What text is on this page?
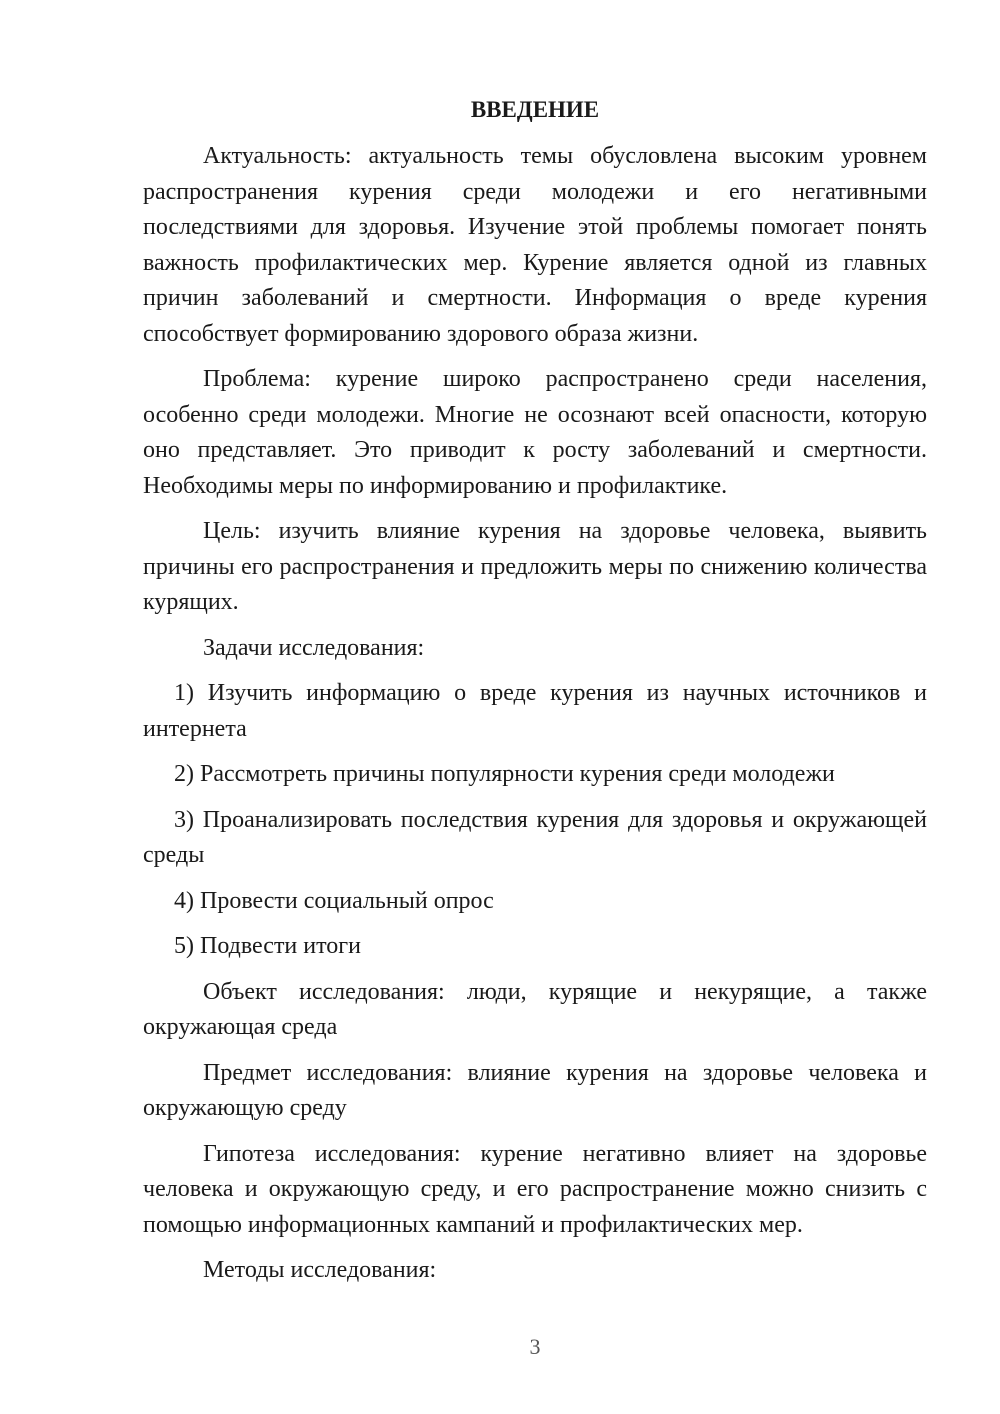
ВВЕДЕНИЕ

Актуальность: актуальность темы обусловлена высоким уровнем распространения курения среди молодежи и его негативными последствиями для здоровья. Изучение этой проблемы помогает понять важность профилактических мер. Курение является одной из главных причин заболеваний и смертности. Информация о вреде курения способствует формированию здорового образа жизни.

Проблема: курение широко распространено среди населения, особенно среди молодежи. Многие не осознают всей опасности, которую оно представляет. Это приводит к росту заболеваний и смертности. Необходимы меры по информированию и профилактике.

Цель: изучить влияние курения на здоровье человека, выявить причины его распространения и предложить меры по снижению количества курящих.

Задачи исследования:

1) Изучить информацию о вреде курения из научных источников и интернета

2) Рассмотреть причины популярности курения среди молодежи

3) Проанализировать последствия курения для здоровья и окружающей среды

4) Провести социальный опрос

5) Подвести итоги

Объект исследования: люди, курящие и некурящие, а также окружающая среда

Предмет исследования: влияние курения на здоровье человека и окружающую среду

Гипотеза исследования: курение негативно влияет на здоровье человека и окружающую среду, и его распространение можно снизить с помощью информационных кампаний и профилактических мер.

Методы исследования:

3
